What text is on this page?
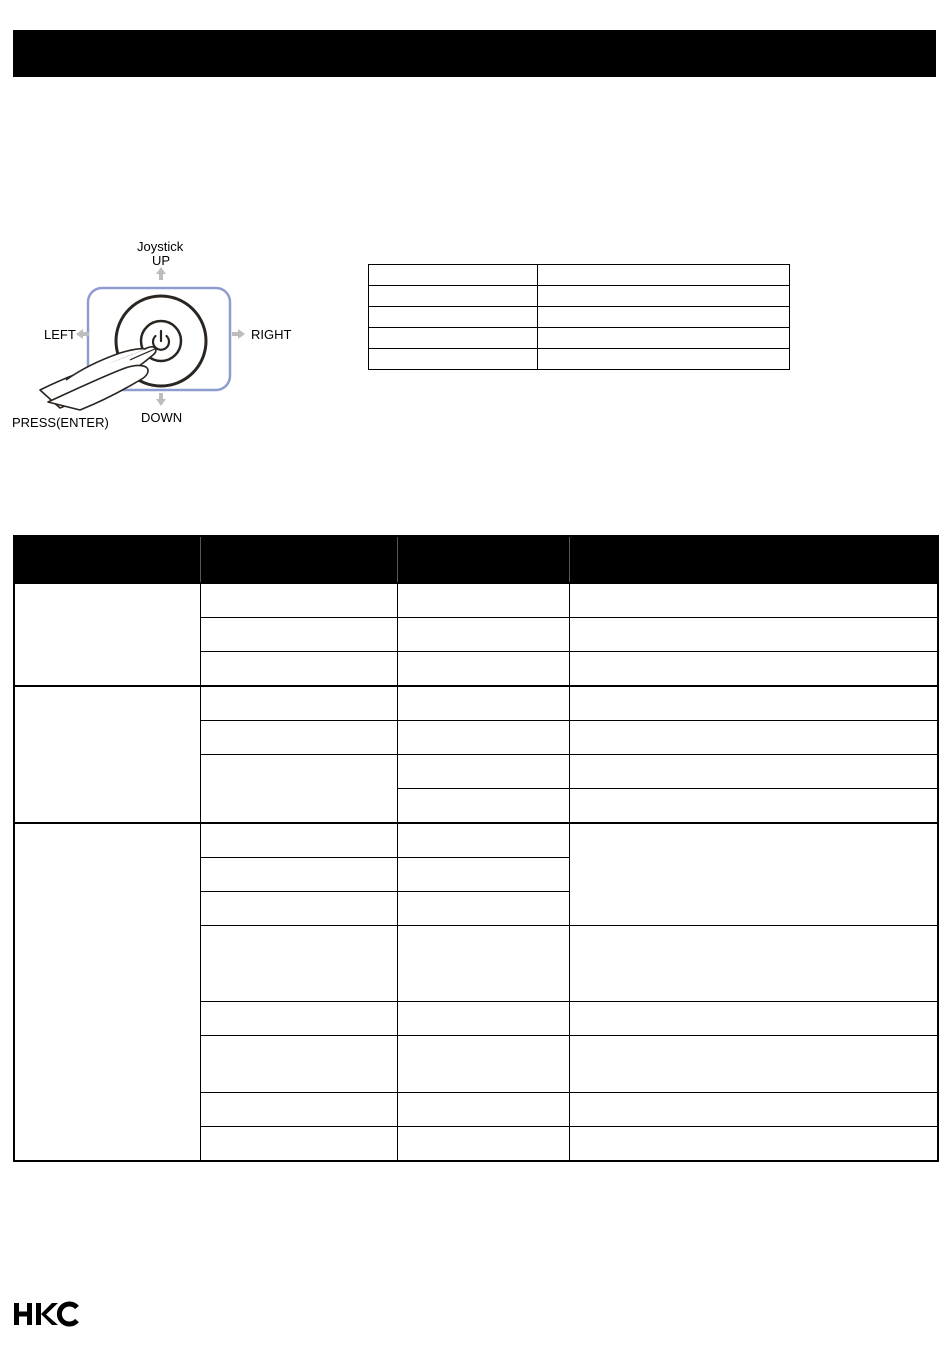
Joystick
UP
LEFT	RIGHT
DOWN
PRESS(ENTER)
